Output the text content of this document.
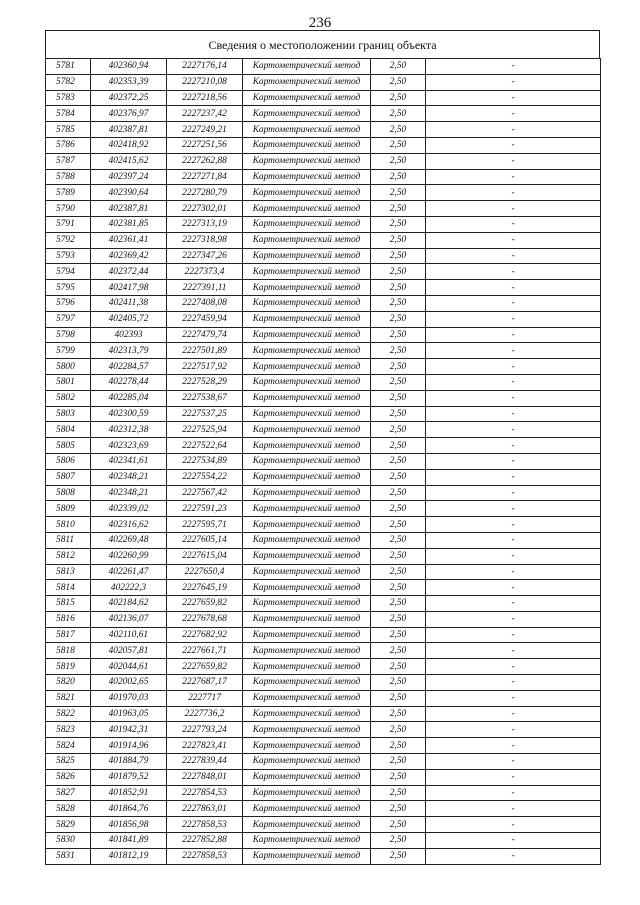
236
Сведения о местоположении границ объекта
5781	402360,94	2227176,14	Картометрический метод	2,50	-
5782	402353,39	2227210,08	Картометрический метод	2,50	-
5783	402372,25	2227218,56	Картометрический метод	2,50	-
5784	402376,97	2227237,42	Картометрический метод	2,50	-
5785	402387,81	2227249,21	Картометрический метод	2,50	-
5786	402418,92	2227251,56	Картометрический метод	2,50	-
5787	402415,62	2227262,88	Картометрический метод	2,50	-
5788	402397,24	2227271,84	Картометрический метод	2,50	-
5789	402390,64	2227280,79	Картометрический метод	2,50	-
5790	402387,81	2227302,01	Картометрический метод	2,50	-
5791	402381,85	2227313,19	Картометрический метод	2,50	-
5792	402361,41	2227318,98	Картометрический метод	2,50	-
5793	402369,42	2227347,26	Картометрический метод	2,50	-
5794	402372,44	2227373,4	Картометрический метод	2,50	-
5795	402417,98	2227391,11	Картометрический метод	2,50	-
5796	402411,38	2227408,08	Картометрический метод	2,50	-
5797	402405,72	2227459,94	Картометрический метод	2,50	-
5798	402393	2227479,74	Картометрический метод	2,50	-
5799	402313,79	2227501,89	Картометрический метод	2,50	-
5800	402284,57	2227517,92	Картометрический метод	2,50	-
5801	402278,44	2227528,29	Картометрический метод	2,50	-
5802	402285,04	2227538,67	Картометрический метод	2,50	-
5803	402300,59	2227537,25	Картометрический метод	2,50	-
5804	402312,38	2227525,94	Картометрический метод	2,50	-
5805	402323,69	2227522,64	Картометрический метод	2,50	-
5806	402341,61	2227534,89	Картометрический метод	2,50	-
5807	402348,21	2227554,22	Картометрический метод	2,50	-
5808	402348,21	2227567,42	Картометрический метод	2,50	-
5809	402339,02	2227591,23	Картометрический метод	2,50	-
5810	402316,62	2227595,71	Картометрический метод	2,50	-
5811	402269,48	2227605,14	Картометрический метод	2,50	-
5812	402260,99	2227615,04	Картометрический метод	2,50	-
5813	402261,47	2227650,4	Картометрический метод	2,50	-
5814	402222,3	2227645,19	Картометрический метод	2,50	-
5815	402184,62	2227659,82	Картометрический метод	2,50	-
5816	402136,07	2227678,68	Картометрический метод	2,50	-
5817	402110,61	2227682,92	Картометрический метод	2,50	-
5818	402057,81	2227661,71	Картометрический метод	2,50	-
5819	402044,61	2227659,82	Картометрический метод	2,50	-
5820	402002,65	2227687,17	Картометрический метод	2,50	-
5821	401970,03	2227717	Картометрический метод	2,50	-
5822	401963,05	2227736,2	Картометрический метод	2,50	-
5823	401942,31	2227793,24	Картометрический метод	2,50	-
5824	401914,96	2227823,41	Картометрический метод	2,50	-
5825	401884,79	2227839,44	Картометрический метод	2,50	-
5826	401879,52	2227848,01	Картометрический метод	2,50	-
5827	401852,91	2227854,53	Картометрический метод	2,50	-
5828	401864,76	2227863,01	Картометрический метод	2,50	-
5829	401856,98	2227858,53	Картометрический метод	2,50	-
5830	401841,89	2227852,88	Картометрический метод	2,50	-
5831	401812,19	2227858,53	Картометрический метод	2,50	-
